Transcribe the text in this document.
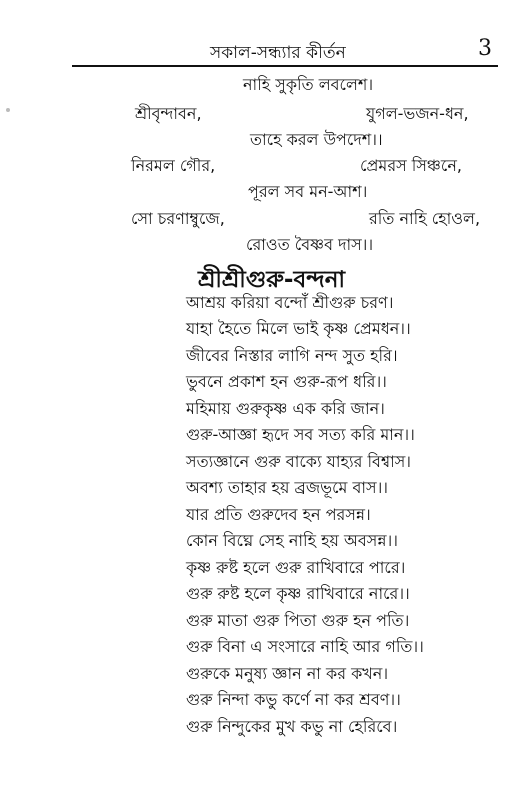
সকাল-সন্ধ্যার কীর্তন	3
নাহি সুকৃতি লবলেশ।
শ্রীবৃন্দাবন,	যুগল-ভজন-ধন,
তাহে করল উপদেশ।।
নিরমল গৌর,	প্রেমরস সিঞ্চনে,
পূরল সব মন-আশ।
সো চরণাম্বুজে,	রতি নাহি হোওল,
রোওত বৈষ্ণব দাস।।
শ্রীশ্রীগুরু-বন্দনা
আশ্রয় করিয়া বন্দোঁ শ্রীগুরু চরণ।
যাহা হৈতে মিলে ভাই কৃষ্ণ প্রেমধন।।
জীবের নিস্তার লাগি নন্দ সুত হরি।
ভুবনে প্রকাশ হন গুরু-রূপ ধরি।।
মহিমায় গুরুকৃষ্ণ এক করি জান।
গুরু-আজ্ঞা হৃদে সব সত্য করি মান।।
সত্যজ্ঞানে গুরু বাক্যে যাহ্যর বিশ্বাস।
অবশ্য তাহার হয় ব্রজভূমে বাস।।
যার প্রতি গুরুদেব হন পরসন্ন।
কোন বিঘ্নে সেহ নাহি হয় অবসন্ন।।
কৃষ্ণ রুষ্ট হলে গুরু রাখিবারে পারে।
গুরু রুষ্ট হলে কৃষ্ণ রাখিবারে নারে।।
গুরু মাতা গুরু পিতা গুরু হন পতি।
গুরু বিনা এ সংসারে নাহি আর গতি।।
গুরুকে মনুষ্য জ্ঞান না কর কখন।
গুরু নিন্দা কভু কর্ণে না কর শ্রবণ।।
গুরু নিন্দুকের মুখ কভু না হেরিবে।
